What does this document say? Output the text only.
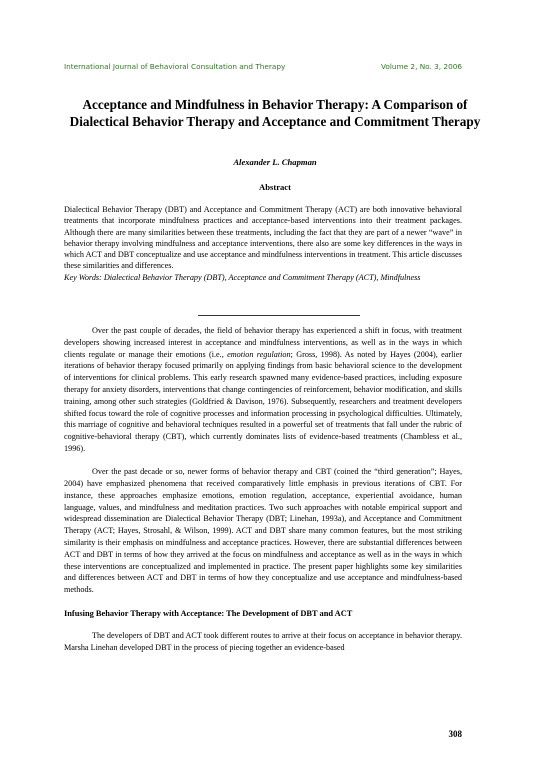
International Journal of Behavioral Consultation and Therapy	Volume 2, No. 3, 2006
Acceptance and Mindfulness in Behavior Therapy: A Comparison of Dialectical Behavior Therapy and Acceptance and Commitment Therapy
Alexander L. Chapman
Abstract

Dialectical Behavior Therapy (DBT) and Acceptance and Commitment Therapy (ACT) are both innovative behavioral treatments that incorporate mindfulness practices and acceptance-based interventions into their treatment packages. Although there are many similarities between these treatments, including the fact that they are part of a newer “wave” in behavior therapy involving mindfulness and acceptance interventions, there also are some key differences in the ways in which ACT and DBT conceptualize and use acceptance and mindfulness interventions in treatment. This article discusses these similarities and differences.

Key Words: Dialectical Behavior Therapy (DBT), Acceptance and Commitment Therapy (ACT), Mindfulness

Over the past couple of decades, the field of behavior therapy has experienced a shift in focus, with treatment developers showing increased interest in acceptance and mindfulness interventions, as well as in the ways in which clients regulate or manage their emotions (i.e., emotion regulation; Gross, 1998). As noted by Hayes (2004), earlier iterations of behavior therapy focused primarily on applying findings from basic behavioral science to the development of interventions for clinical problems. This early research spawned many evidence-based practices, including exposure therapy for anxiety disorders, interventions that change contingencies of reinforcement, behavior modification, and skills training, among other such strategies (Goldfried & Davison, 1976). Subsequently, researchers and treatment developers shifted focus toward the role of cognitive processes and information processing in psychological difficulties. Ultimately, this marriage of cognitive and behavioral techniques resulted in a powerful set of treatments that fall under the rubric of cognitive-behavioral therapy (CBT), which currently dominates lists of evidence-based treatments (Chambless et al., 1996).

Over the past decade or so, newer forms of behavior therapy and CBT (coined the “third generation”; Hayes, 2004) have emphasized phenomena that received comparatively little emphasis in previous iterations of CBT. For instance, these approaches emphasize emotions, emotion regulation, acceptance, experiential avoidance, human language, values, and mindfulness and meditation practices. Two such approaches with notable empirical support and widespread dissemination are Dialectical Behavior Therapy (DBT; Linehan, 1993a), and Acceptance and Commitment Therapy (ACT; Hayes, Strosahl, & Wilson, 1999). ACT and DBT share many common features, but the most striking similarity is their emphasis on mindfulness and acceptance practices. However, there are substantial differences between ACT and DBT in terms of how they arrived at the focus on mindfulness and acceptance as well as in the ways in which these interventions are conceptualized and implemented in practice. The present paper highlights some key similarities and differences between ACT and DBT in terms of how they conceptualize and use acceptance and mindfulness-based methods.

Infusing Behavior Therapy with Acceptance: The Development of DBT and ACT

The developers of DBT and ACT took different routes to arrive at their focus on acceptance in behavior therapy. Marsha Linehan developed DBT in the process of piecing together an evidence-based

308
